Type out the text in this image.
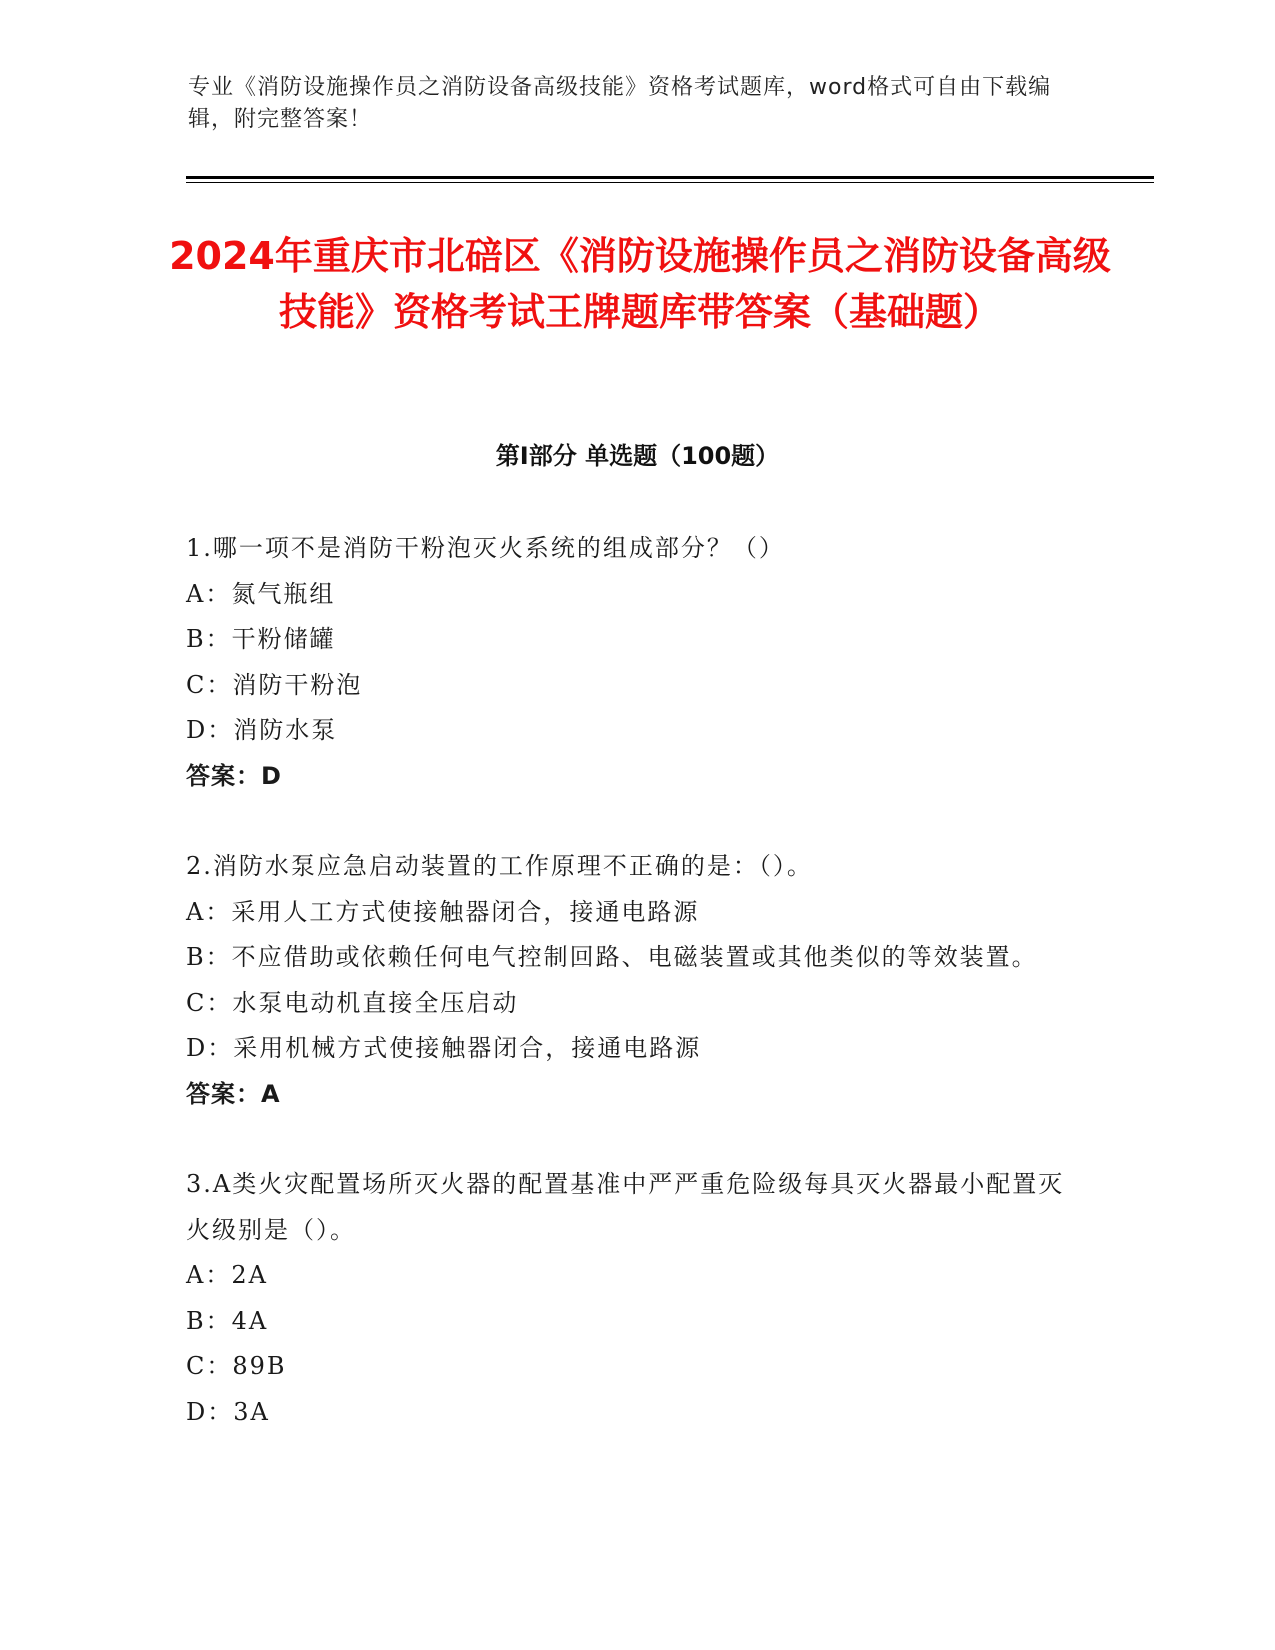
专业《消防设施操作员之消防设备高级技能》资格考试题库，word格式可自由下载编辑，附完整答案！
2024年重庆市北碚区《消防设施操作员之消防设备高级技能》资格考试王牌题库带答案（基础题）
第I部分 单选题（100题）

1.哪一项不是消防干粉泡灭火系统的组成部分？（）

A：氮气瓶组

B：干粉储罐

C：消防干粉泡

D：消防水泵

答案：D

2.消防水泵应急启动装置的工作原理不正确的是：（）。

A：采用人工方式使接触器闭合，接通电路源

B：不应借助或依赖任何电气控制回路、电磁装置或其他类似的等效装置。

C：水泵电动机直接全压启动

D：采用机械方式使接触器闭合，接通电路源

答案：A

3.A类火灾配置场所灭火器的配置基准中严严重危险级每具灭火器最小配置灭火级别是（）。

A：2A

B：4A

C：89B

D：3A
